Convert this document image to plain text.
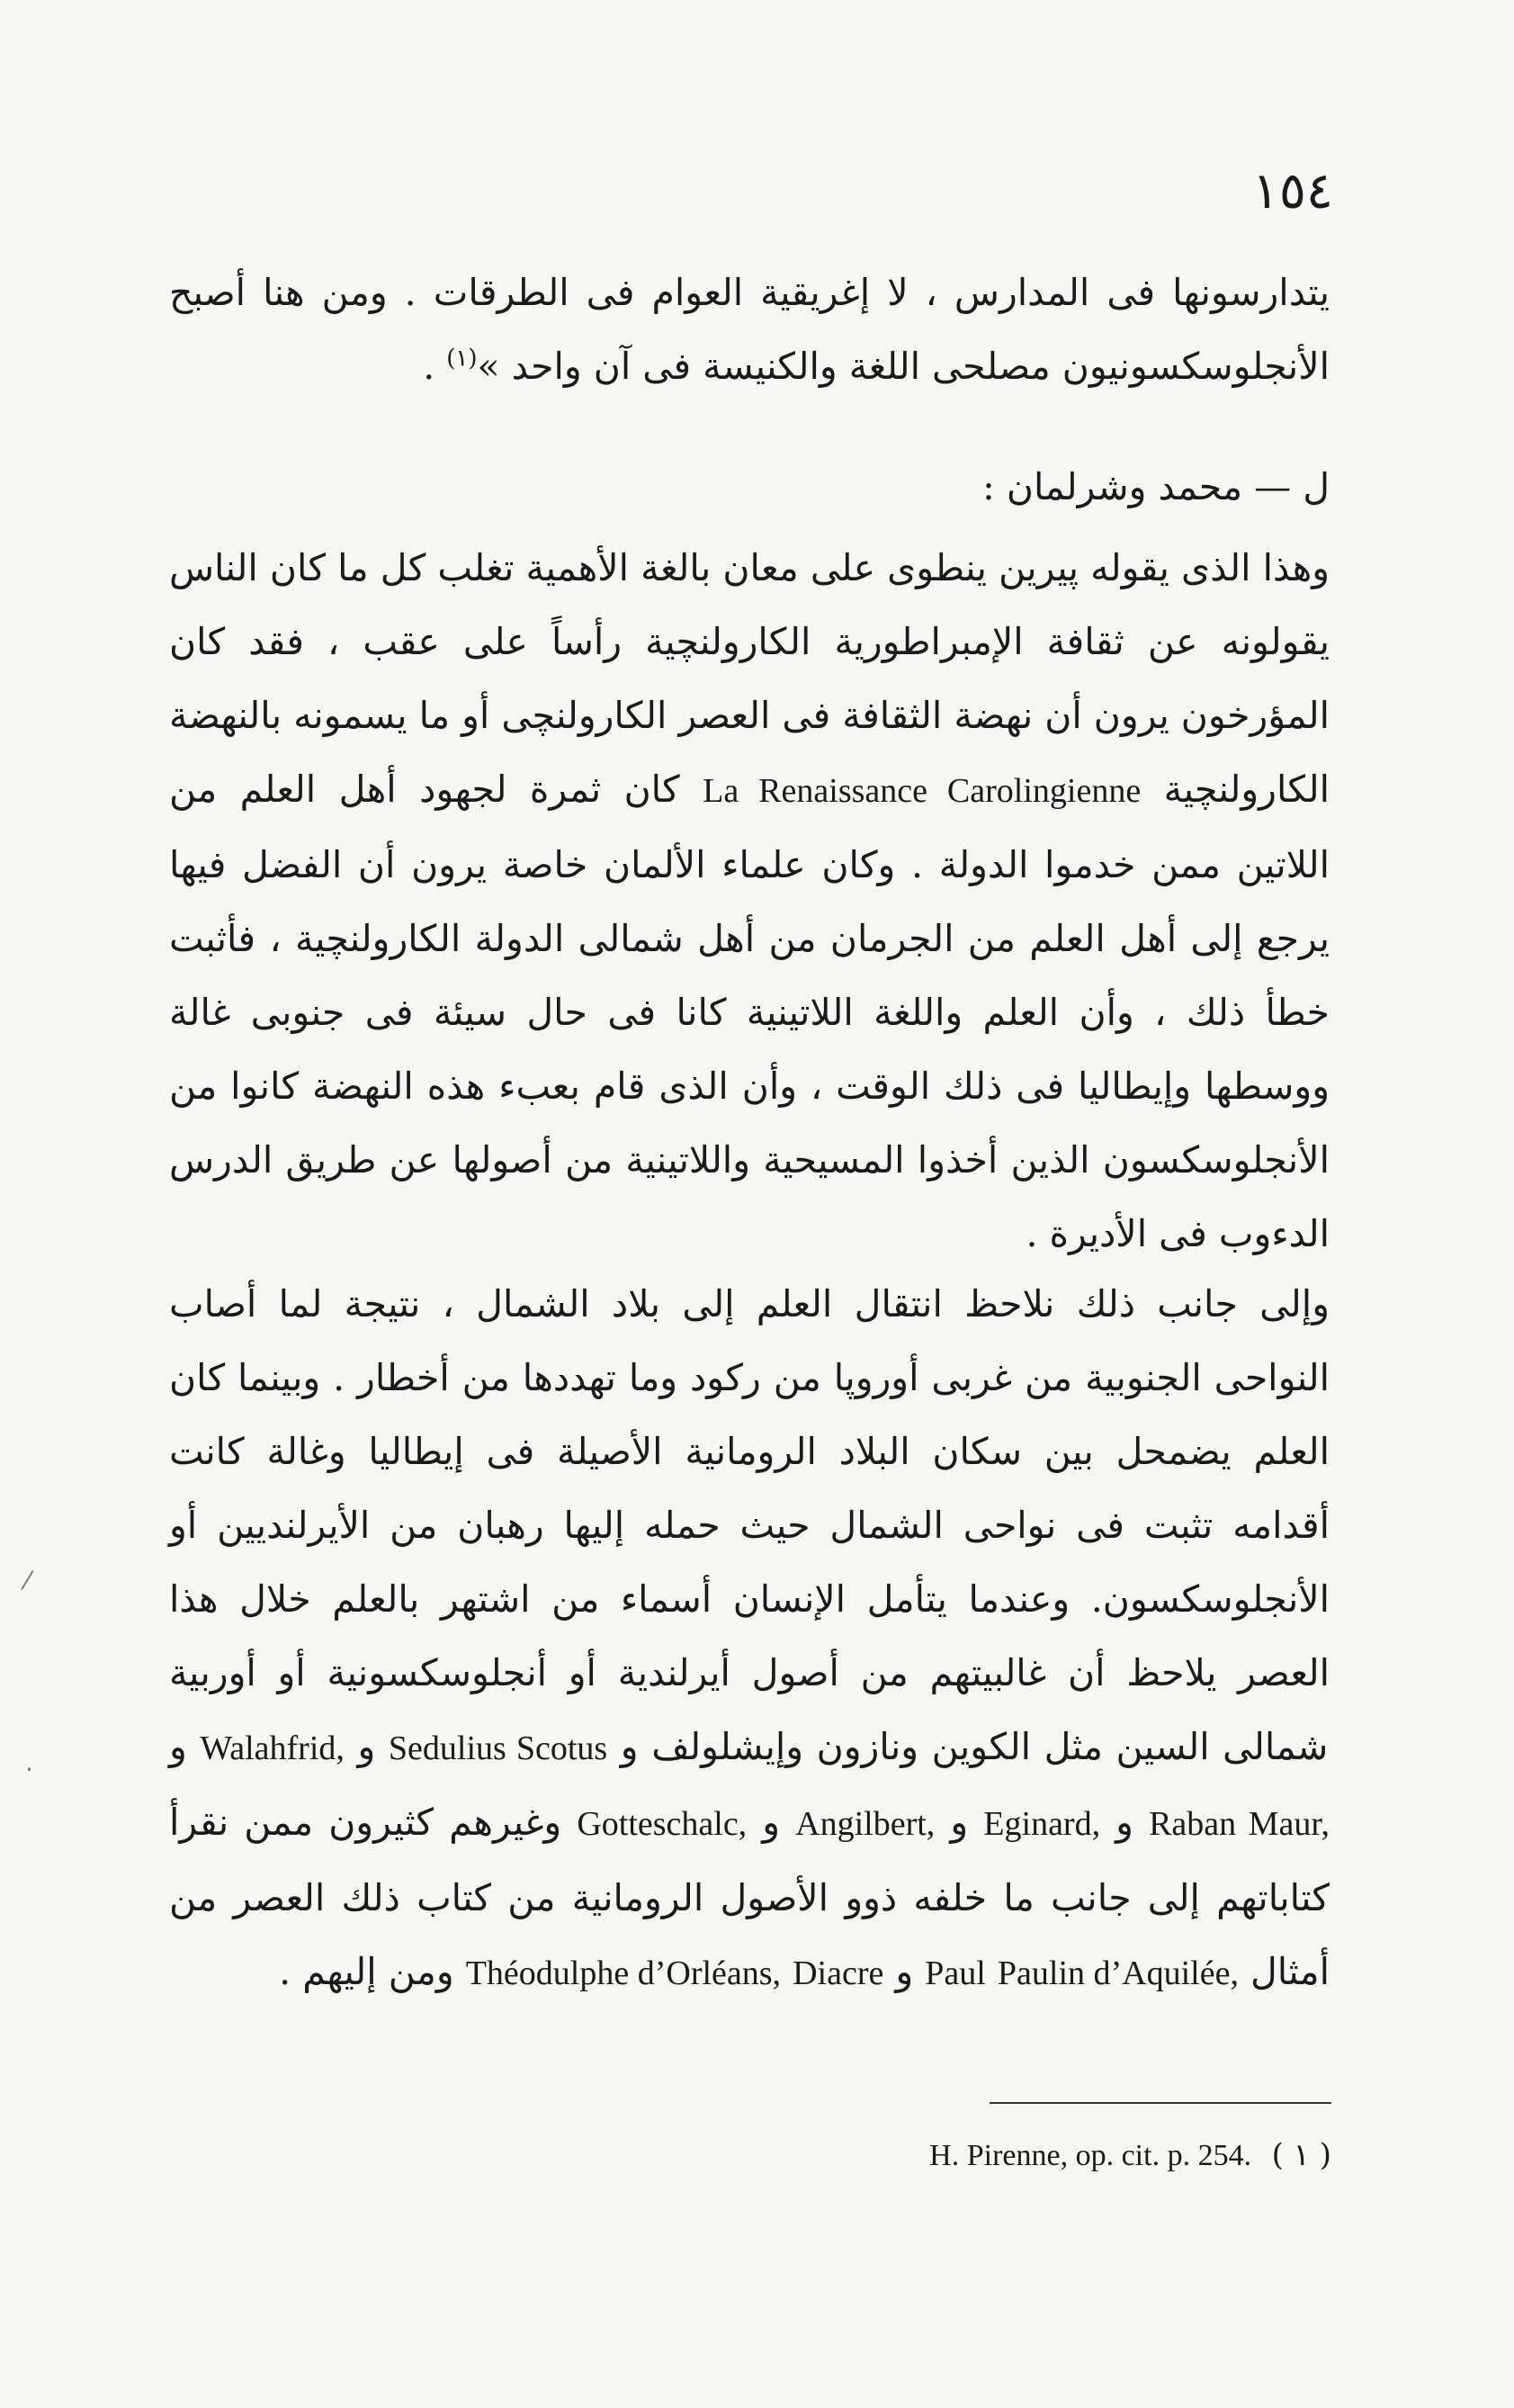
١٥٤

يتدارسونها فى المدارس ، لا إغريقية العوام فى الطرقات . ومن هنا أصبح الأنجلوسكسونيون مصلحى اللغة والكنيسة فى آن واحد »$^{(١)}$ .

ل — محمد وشرلمان :

وهذا الذى يقوله پيرين ينطوى على معان بالغة الأهمية تغلب كل ما كان الناس يقولونه عن ثقافة الإمبراطورية الكارولنچية رأساً على عقب ، فقد كان المؤرخون يرون أن نهضة الثقافة فى العصر الكارولنچى أو ما يسمونه بالنهضة الكارولنچية La Renaissance Carolingienne كان ثمرة لجهود أهل العلم من اللاتين ممن خدموا الدولة . وكان علماء الألمان خاصة يرون أن الفضل فيها يرجع إلى أهل العلم من الجرمان من أهل شمالى الدولة الكارولنچية ، فأثبت خطأ ذلك ، وأن العلم واللغة اللاتينية كانا فى حال سيئة فى جنوبى غالة ووسطها وإيطاليا فى ذلك الوقت ، وأن الذى قام بعبء هذه النهضة كانوا من الأنجلوسكسون الذين أخذوا المسيحية واللاتينية من أصولها عن طريق الدرس الدءوب فى الأديرة .

وإلى جانب ذلك نلاحظ انتقال العلم إلى بلاد الشمال ، نتيجة لما أصاب النواحى الجنوبية من غربى أوروپا من ركود وما تهددها من أخطار . وبينما كان العلم يضمحل بين سكان البلاد الرومانية الأصيلة فى إيطاليا وغالة كانت أقدامه تثبت فى نواحى الشمال حيث حمله إليها رهبان من الأيرلنديين أو الأنجلوسكسون. وعندما يتأمل الإنسان أسماء من اشتهر بالعلم خلال هذا العصر يلاحظ أن غالبيتهم من أصول أيرلندية أو أنجلوسكسونية أو أوربية شمالى السين مثل الكوين ونازون وإيشلولف و Sedulius Scotus و Walahfrid, و Raban Maur, و Eginard, و Angilbert, و Gotteschalc, وغيرهم كثيرون ممن نقرأ كتاباتهم إلى جانب ما خلفه ذوو الأصول الرومانية من كتاب ذلك العصر من أمثال Paulin d’Aquilée, Paul و Diacre Théodulphe d’Orléans, ومن إليهم .

H. Pirenne, op. cit. p. 254. ( ١ )
⁄
·
